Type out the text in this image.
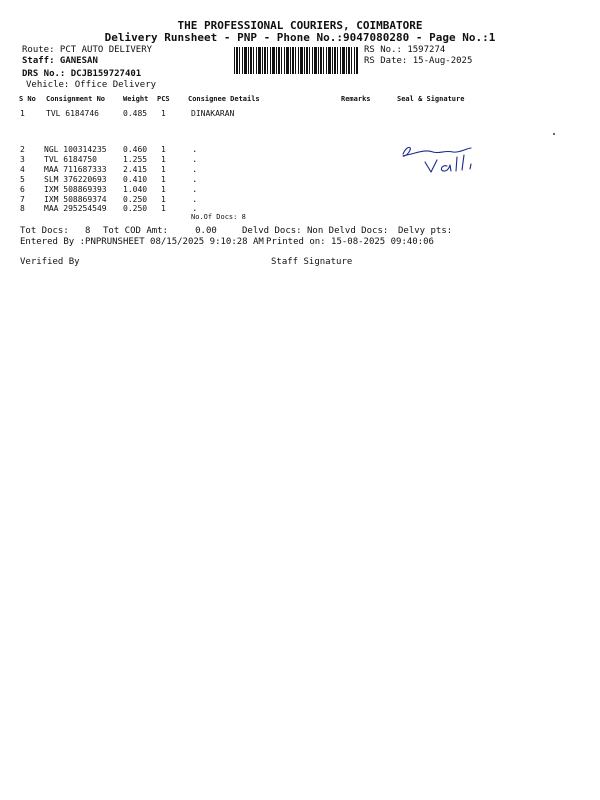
THE PROFESSIONAL COURIERS, COIMBATORE
Delivery Runsheet - PNP - Phone No.:9047080280 - Page No.:1
Route: PCT AUTO DELIVERY
Staff: GANESAN
DRS No.: DCJB159727401
Vehicle: Office Delivery
RS No.: 1597274
RS Date: 15-Aug-2025
S No Consignment No	Weight PCS	Consignee Details	Remarks	Seal & Signature
1	TVL 6184746	0.485 1	DINAKARAN
2 NGL 100314235 0.460 1	.
3 TVL 6184750	1.255 1	.
4 MAA 711687333 2.415 1	.
5 SLM 376220693 0.410 1	.
6 IXM 508869393 1.040 1	.
7 IXM 508869374 0.250 1	.
8 MAA 295254549 0.250 1	.
No.Of Docs: 8
Valli
Tot Docs:   8 Tot COD Amt:     0.00	Delvd Docs: Non Delvd Docs: Delvy pts:
Entered By :PNPRUNSHEET 08/15/2025 9:10:28 AM Printed on: 15-08-2025 09:40:06
Verified By	Staff Signature
